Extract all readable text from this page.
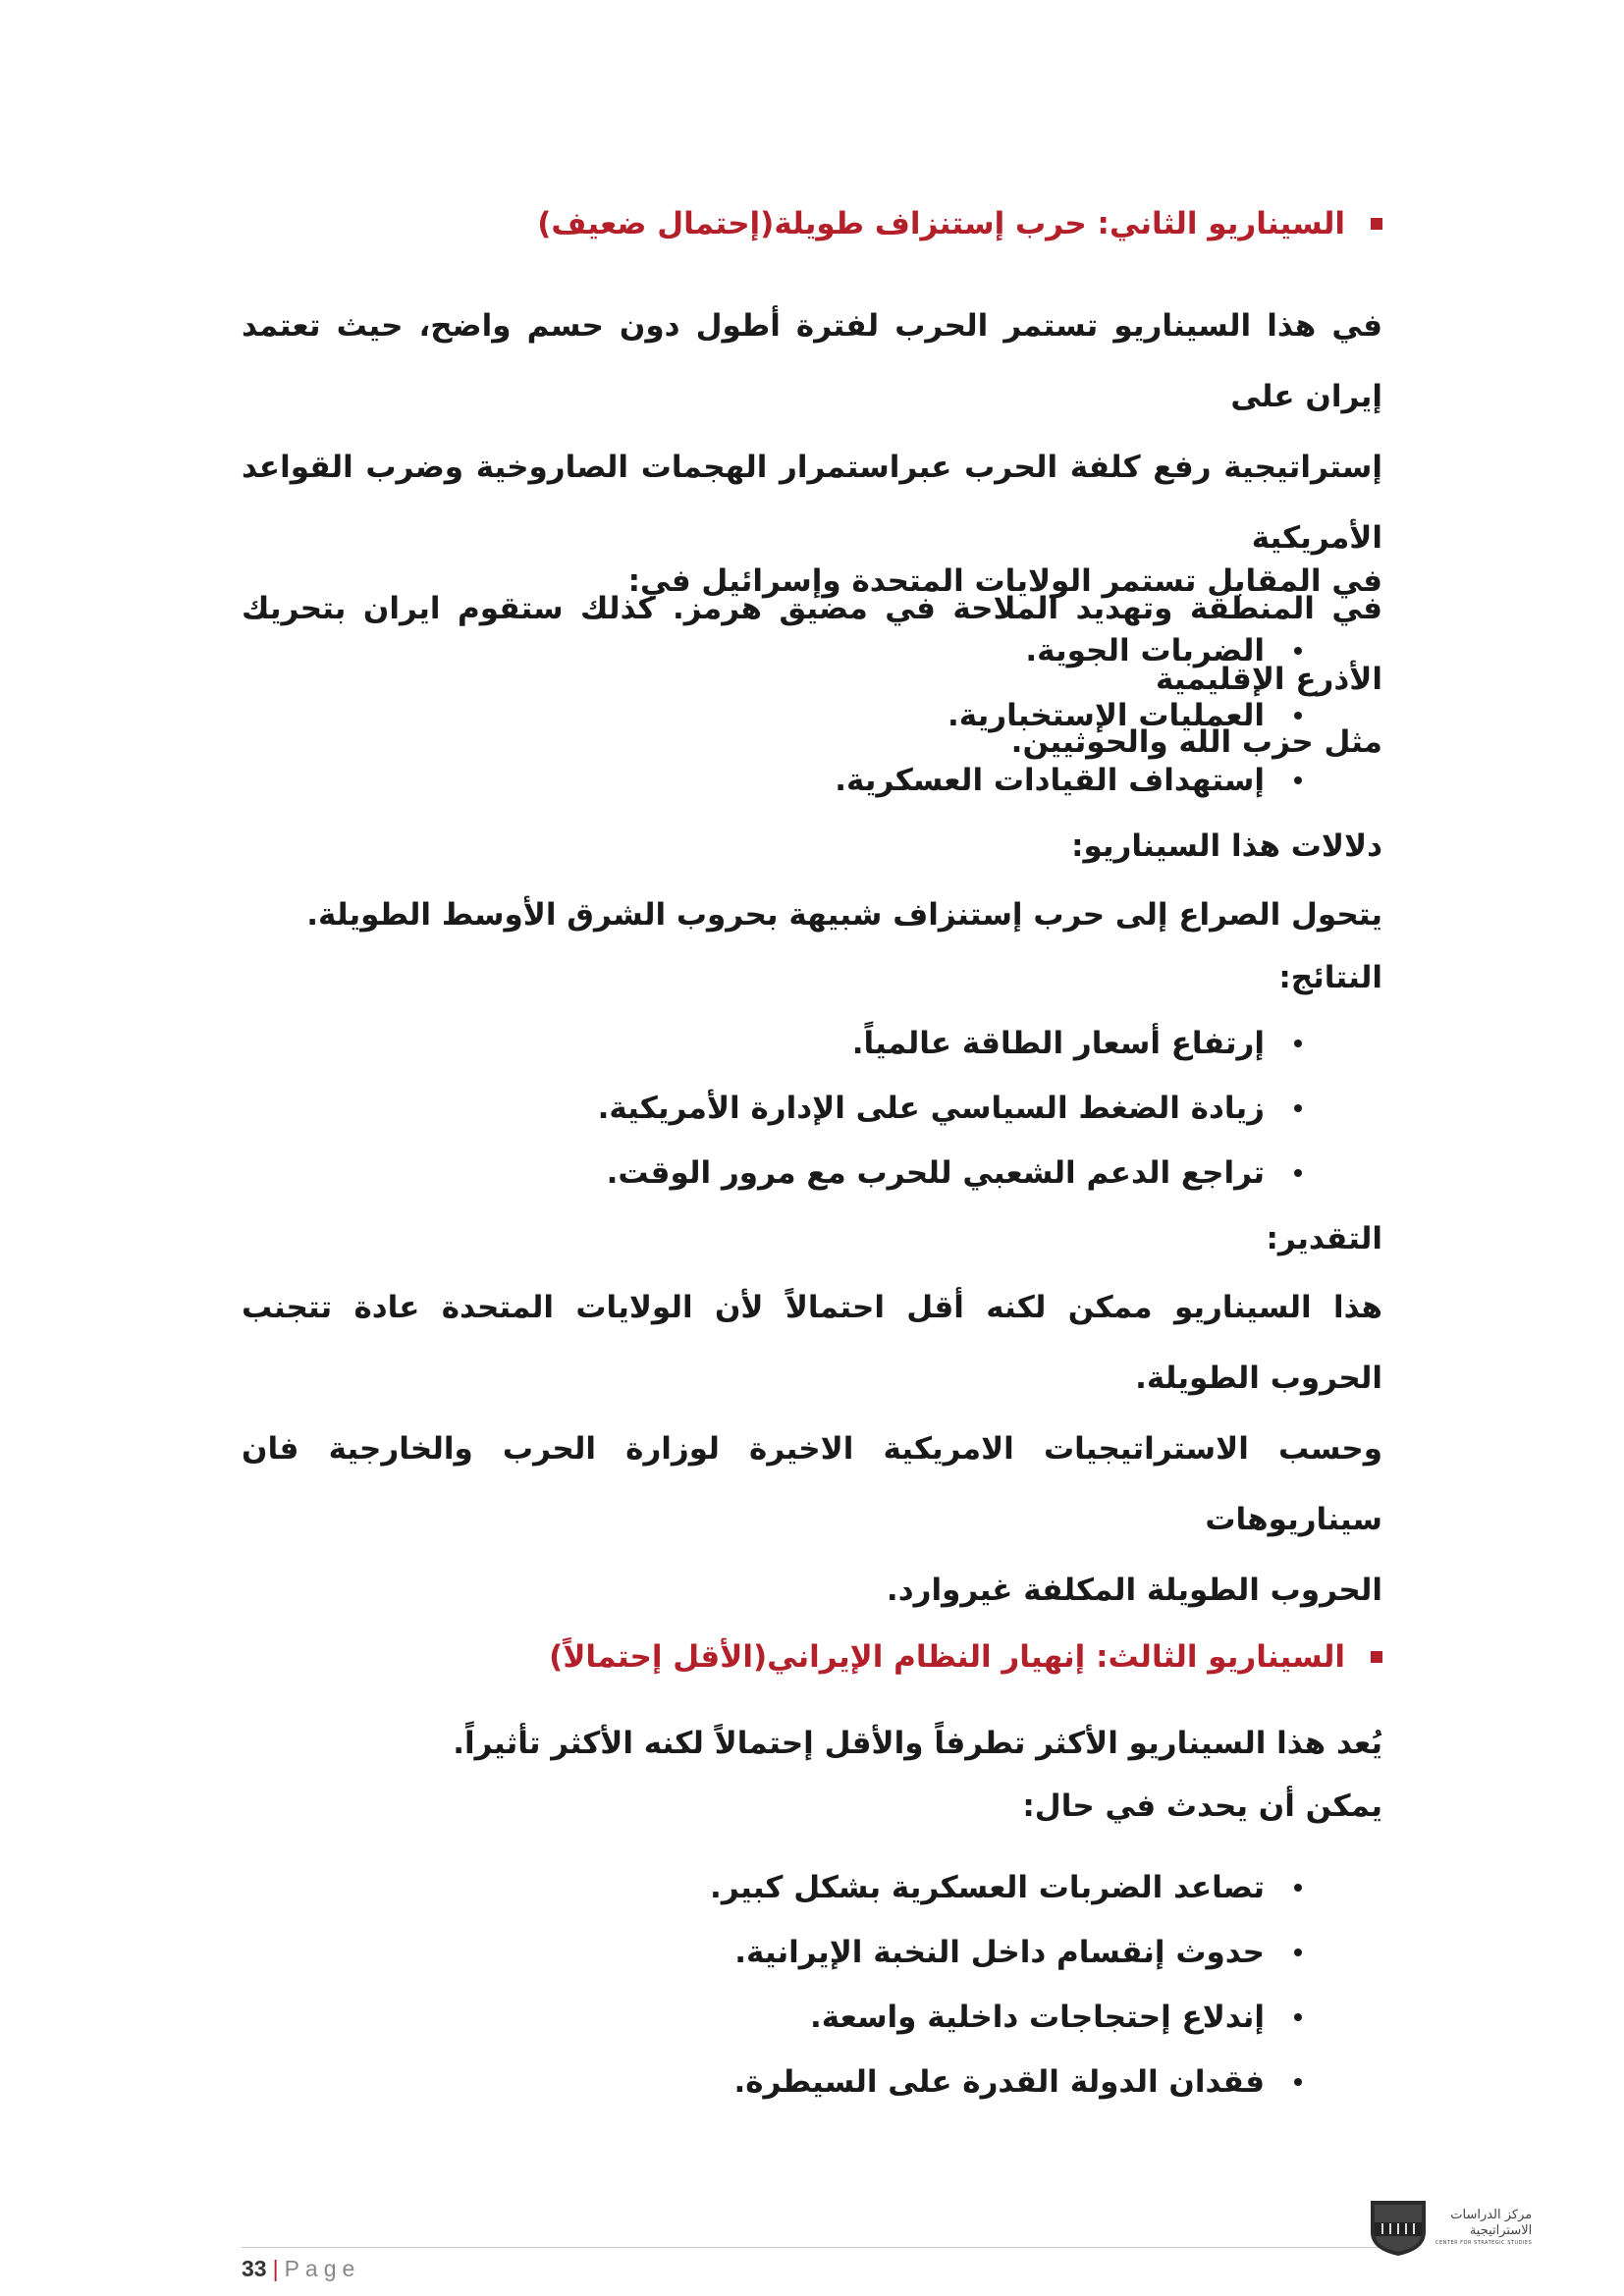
السيناريو الثاني: حرب إستنزاف طويلة(إحتمال ضعيف)
في هذا السيناريو تستمر الحرب لفترة أطول دون حسم واضح، حيث تعتمد إيران على
إستراتيجية رفع كلفة الحرب عبراستمرار الهجمات الصاروخية وضرب القواعد الأمريكية
في المنطقة وتهديد الملاحة في مضيق هرمز. كذلك ستقوم ايران بتحريك الأذرع الإقليمية
مثل حزب الله والحوثيين.
في المقابل تستمر الولايات المتحدة وإسرائيل في:
الضربات الجوية.
العمليات الإستخبارية.
إستهداف القيادات العسكرية.
دلالات هذا السيناريو:
يتحول الصراع إلى حرب إستنزاف شبيهة بحروب الشرق الأوسط الطويلة.
النتائج:
إرتفاع أسعار الطاقة عالمياً.
زيادة الضغط السياسي على الإدارة الأمريكية.
تراجع الدعم الشعبي للحرب مع مرور الوقت.
التقدير:
هذا السيناريو ممكن لكنه أقل احتمالاً لأن الولايات المتحدة عادة تتجنب الحروب الطويلة.
وحسب الاستراتيجيات الامريكية الاخيرة لوزارة الحرب والخارجية فان سيناريوهات
الحروب الطويلة المكلفة غيروارد.
السيناريو الثالث: إنهيار النظام الإيراني(الأقل إحتمالاً)
يُعد هذا السيناريو الأكثر تطرفاً والأقل إحتمالاً لكنه الأكثر تأثيراً.
يمكن أن يحدث في حال:
تصاعد الضربات العسكرية بشكل كبير.
حدوث إنقسام داخل النخبة الإيرانية.
إندلاع إحتجاجات داخلية واسعة.
فقدان الدولة القدرة على السيطرة.
33 | Page
مركز الدراسات
الاستراتيجية
CENTER FOR STRATEGIC STUDIES
